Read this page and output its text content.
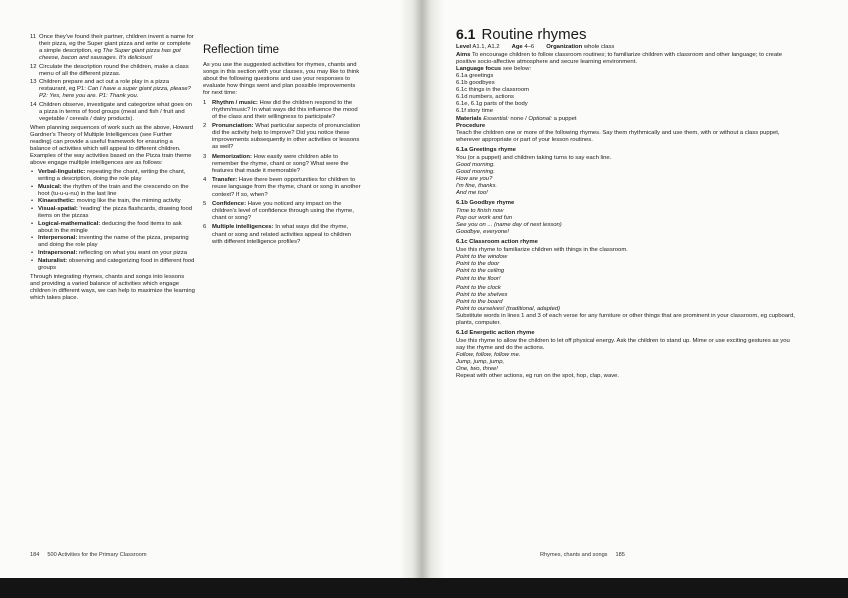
11 Once they've found their partner, children invent a name for their pizza, eg the Super giant pizza and write or complete a simple description, eg The Super giant pizza has got cheese, bacon and sausages. It's delicious!
12 Circulate the description round the children, make a class menu of all the different pizzas.
13 Children prepare and act out a role play in a pizza restaurant, eg P1: Can I have a super giant pizza, please? P2: Yes, here you are. P1: Thank you.
14 Children observe, investigate and categorize what goes on a pizza in terms of food groups (meat and fish / fruit and vegetable / cereals / dairy products).

When planning sequences of work such as the above, Howard Gardner's Theory of Multiple Intelligences (see Further reading) can provide a useful framework for ensuring a balance of activities which will appeal to different children. Examples of the way activities based on the Pizza train theme above engage multiple intelligences are as follows:

• Verbal-linguistic: repeating the chant, writing the chant, writing a description, doing the role play
• Musical: the rhythm of the train and the crescendo on the hoot (tu-u-u-nu) in the last line
• Kinaesthetic: moving like the train, the miming activity
• Visual-spatial: 'reading' the pizza flashcards, drawing food items on the pizzas
• Logical-mathematical: deducing the food items to ask about in the mingle
• Interpersonal: inventing the name of the pizza, preparing and doing the role play
• Intrapersonal: reflecting on what you want on your pizza
• Naturalist: observing and categorizing food in different food groups

Through integrating rhymes, chants and songs into lessons and providing a varied balance of activities which engage children in different ways, we can help to maximize the learning which takes place.

Reflection time

As you use the suggested activities for rhymes, chants and songs in this section with your classes, you may like to think about the following questions and use your responses to evaluate how things went and plan possible improvements for next time:

1 Rhythm / music: How did the children respond to the rhythm/music? In what ways did this influence the mood of the class and their willingness to participate?
2 Pronunciation: What particular aspects of pronunciation did the activity help to improve? Did you notice these improvements subsequently in other activities or lessons as well?
3 Memorization: How easily were children able to remember the rhyme, chant or song? What were the features that made it memorable?
4 Transfer: Have there been opportunities for children to reuse language from the rhyme, chant or song in another context? If so, when?
5 Confidence: Have you noticed any impact on the children's level of confidence through using the rhyme, chant or song?
6 Multiple intelligences: In what ways did the rhyme, chant or song and related activities appeal to children with different intelligence profiles?
184 500 Activities for the Primary Classroom
6.1 Routine rhymes
Level A1.1, A1.2 Age 4–6 Organization whole class

Aims To encourage children to follow classroom routines; to familiarize children with classroom and other language; to create positive socio-affective atmosphere and secure learning environment.

Language focus see below:

6.1a greetings
6.1b goodbyes
6.1c things in the classroom
6.1d numbers, actions
6.1e, 6.1g parts of the body
6.1f story time

Materials Essential: none / Optional: a puppet

Procedure

Teach the children one or more of the following rhymes. Say them rhythmically and use them, with or without a class puppet, wherever appropriate or part of your lesson routines.

6.1a Greetings rhyme

You (or a puppet) and children taking turns to say each line.

Good morning.

Good morning.

How are you?

I'm fine, thanks.

And me too!

6.1b Goodbye rhyme

Time to finish now

Pop our work and fun

See you on ... (name day of next lesson)

Goodbye, everyone!

6.1c Classroom action rhyme

Use this rhyme to familiarize children with things in the classroom.

Point to the window

Point to the door

Point to the ceiling

Point to the floor!

Point to the clock

Point to the shelves

Point to the board

Point to ourselves! (traditional, adapted)

Substitute words in lines 1 and 3 of each verse for any furniture or other things that are prominent in your classroom, eg cupboard, plants, computer.

6.1d Energetic action rhyme

Use this rhyme to allow the children to let off physical energy. Ask the children to stand up. Mime or use exciting gestures as you say the rhyme and do the actions.

Follow, follow, follow me.

Jump, jump, jump,

One, two, three!

Repeat with other actions, eg run on the spot, hop, clap, wave.

Rhymes, chants and songs 185
